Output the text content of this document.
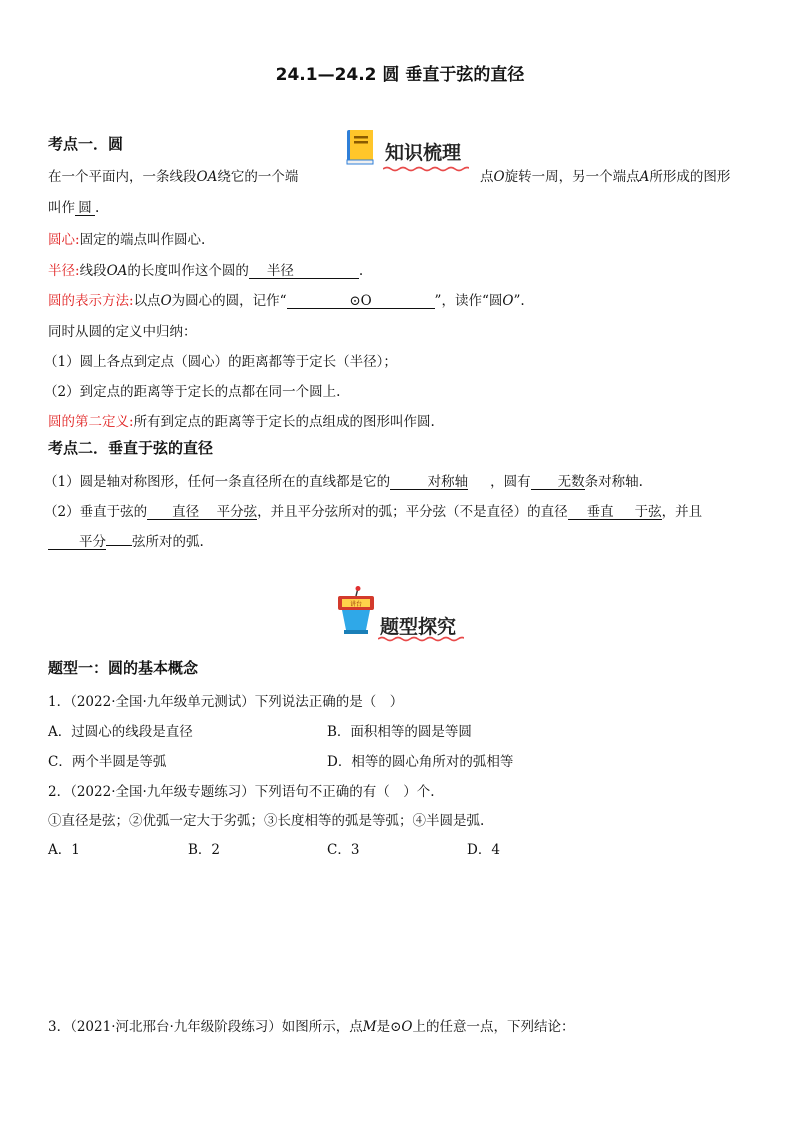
24.1—24.2 圆 垂直于弦的直径
考点一．圆	知识梳理
在一个平面内，一条线段OA绕它的一个端	点O旋转一周，另一个端点A所形成的图形
叫作 圆 .
圆心:固定的端点叫作圆心.
半径:线段OA的长度叫作这个圆的 半径	.
圆的表示方法:以点O为圆心的圆，记作“	⊙O	”，读作“圆O”.
同时从圆的定义中归纳：
（1）圆上各点到定点（圆心）的距离都等于定长（半径）；
（2）到定点的距离等于定长的点都在同一个圆上.
圆的第二定义:所有到定点的距离等于定长的点组成的图形叫作圆.
考点二．垂直于弦的直径
（1）圆是轴对称图形，任何一条直径所在的直线都是它的	对称轴 ，圆有 无数条对称轴.
（2）垂直于弦的 直径 平分弦，并且平分弦所对的弧；平分弦（不是直径）的直径 垂直 于弦，并且
平分 弦所对的弧.
讲台
题型探究
题型一：圆的基本概念
1．（2022·全国·九年级单元测试）下列说法正确的是（　）
A．过圆心的线段是直径	B．面积相等的圆是等圆
C．两个半圆是等弧	D．相等的圆心角所对的弧相等
2．（2022·全国·九年级专题练习）下列语句不正确的有（　）个.
①直径是弦；②优弧一定大于劣弧；③长度相等的弧是等弧；④半圆是弧.
A．1	B．2	C．3	D．4
3．（2021·河北邢台·九年级阶段练习）如图所示，点M是⊙O上的任意一点，下列结论：
